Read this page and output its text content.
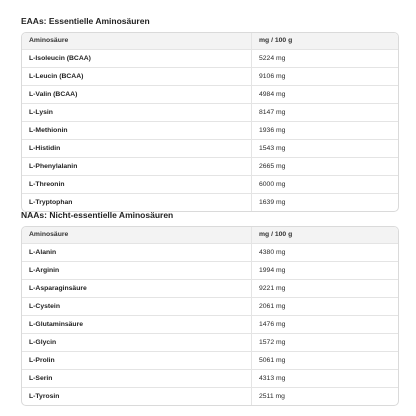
EAAs: Essentielle Aminosäuren
Aminosäure	mg / 100 g
L-Isoleucin (BCAA)	5224 mg
L-Leucin (BCAA)	9106 mg
L-Valin (BCAA)	4984 mg
L-Lysin	8147 mg
L-Methionin	1936 mg
L-Histidin	1543 mg
L-Phenylalanin	2665 mg
L-Threonin	6000 mg
L-Tryptophan	1639 mg
NAAs: Nicht-essentielle Aminosäuren
Aminosäure	mg / 100 g
L-Alanin	4380 mg
L-Arginin	1994 mg
L-Asparaginsäure	9221 mg
L-Cystein	2061 mg
L-Glutaminsäure	1476 mg
L-Glycin	1572 mg
L-Prolin	5061 mg
L-Serin	4313 mg
L-Tyrosin	2511 mg
